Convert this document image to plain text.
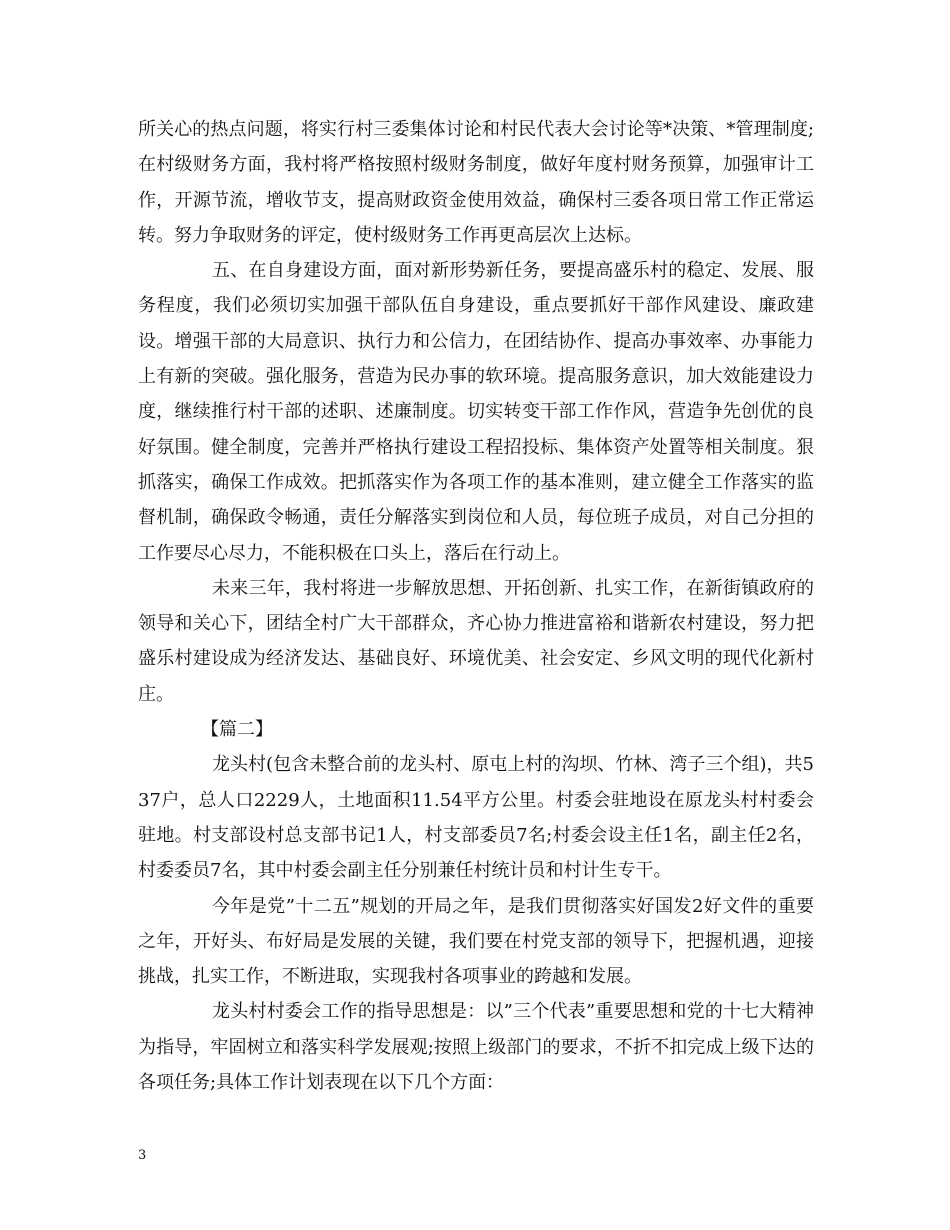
所关心的热点问题，将实行村三委集体讨论和村民代表大会讨论等*决策、*管理制度;在村级财务方面，我村将严格按照村级财务制度，做好年度村财务预算，加强审计工作，开源节流，增收节支，提高财政资金使用效益，确保村三委各项日常工作正常运转。努力争取财务的评定，使村级财务工作再更高层次上达标。

五、在自身建设方面，面对新形势新任务，要提高盛乐村的稳定、发展、服务程度，我们必须切实加强干部队伍自身建设，重点要抓好干部作风建设、廉政建设。增强干部的大局意识、执行力和公信力，在团结协作、提高办事效率、办事能力上有新的突破。强化服务，营造为民办事的软环境。提高服务意识，加大效能建设力度，继续推行村干部的述职、述廉制度。切实转变干部工作作风，营造争先创优的良好氛围。健全制度，完善并严格执行建设工程招投标、集体资产处置等相关制度。狠抓落实，确保工作成效。把抓落实作为各项工作的基本准则，建立健全工作落实的监督机制，确保政令畅通，责任分解落实到岗位和人员，每位班子成员，对自己分担的工作要尽心尽力，不能积极在口头上，落后在行动上。

未来三年，我村将进一步解放思想、开拓创新、扎实工作，在新街镇政府的领导和关心下，团结全村广大干部群众，齐心协力推进富裕和谐新农村建设，努力把盛乐村建设成为经济发达、基础良好、环境优美、社会安定、乡风文明的现代化新村庄。

【篇二】

龙头村(包含未整合前的龙头村、原屯上村的沟坝、竹林、湾子三个组)，共537户，总人口2229人，土地面积11.54平方公里。村委会驻地设在原龙头村村委会驻地。村支部设村总支部书记1人，村支部委员7名;村委会设主任1名，副主任2名，村委委员7名，其中村委会副主任分别兼任村统计员和村计生专干。

今年是党”十二五”规划的开局之年，是我们贯彻落实好国发2好文件的重要之年，开好头、布好局是发展的关键，我们要在村党支部的领导下，把握机遇，迎接挑战，扎实工作，不断进取，实现我村各项事业的跨越和发展。

龙头村村委会工作的指导思想是：以”三个代表”重要思想和党的十七大精神为指导，牢固树立和落实科学发展观;按照上级部门的要求，不折不扣完成上级下达的各项任务;具体工作计划表现在以下几个方面：

3
